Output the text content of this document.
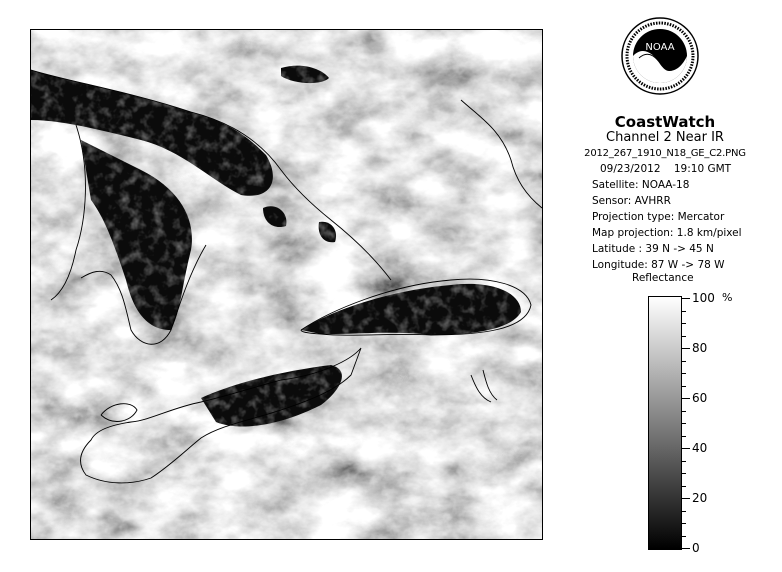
NOAA
CoastWatch
Channel 2 Near IR
2012_267_1910_N18_GE_C2.PNG
09/23/2012    19:10 GMT
Satellite: NOAA-18
Sensor: AVHRR
Projection type: Mercator
Map projection: 1.8 km/pixel
Latitude : 39 N -> 45 N
Longitude: 87 W -> 78 W
Reflectance
%
100
80
60
40
20
0
